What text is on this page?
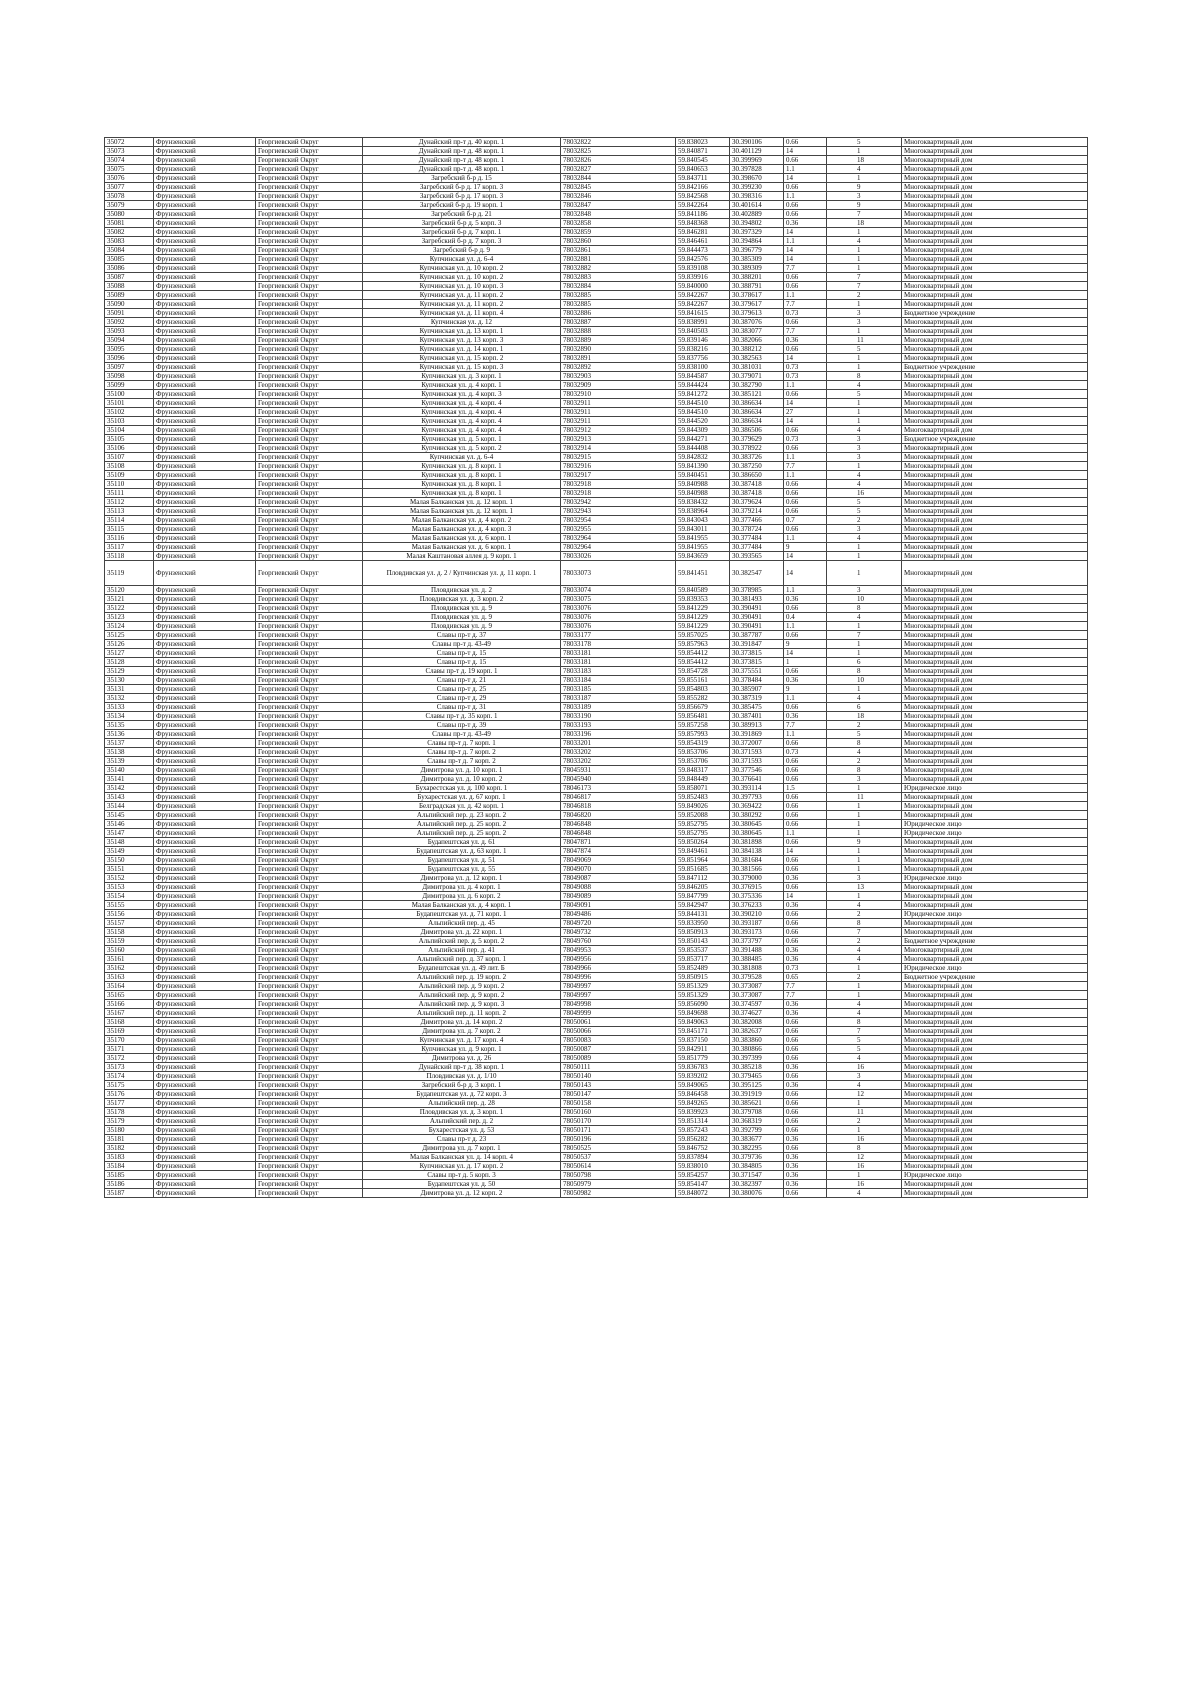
35072	Фрунзенский	Георгиевский Округ	Дунайский пр-т д. 40 корп. 1	78032822	59.838023	30.390106	0.66	5	Многоквартирный дом
35073	Фрунзенский	Георгиевский Округ	Дунайский пр-т д. 48 корп. 1	78032825	59.840871	30.401129	14	1	Многоквартирный дом
35074	Фрунзенский	Георгиевский Округ	Дунайский пр-т д. 48 корп. 1	78032826	59.840545	30.399969	0.66	18	Многоквартирный дом
35075	Фрунзенский	Георгиевский Округ	Дунайский пр-т д. 48 корп. 1	78032827	59.840653	30.397828	1.1	4	Многоквартирный дом
35076	Фрунзенский	Георгиевский Округ	Загребский б-р д. 15	78032844	59.843711	30.398670	14	1	Многоквартирный дом
35077	Фрунзенский	Георгиевский Округ	Загребский б-р д. 17 корп. 3	78032845	59.842166	30.399230	0.66	9	Многоквартирный дом
35078	Фрунзенский	Георгиевский Округ	Загребский б-р д. 17 корп. 3	78032846	59.842568	30.398316	1.1	3	Многоквартирный дом
35079	Фрунзенский	Георгиевский Округ	Загребский б-р д. 19 корп. 1	78032847	59.842264	30.401614	0.66	9	Многоквартирный дом
35080	Фрунзенский	Георгиевский Округ	Загребский б-р д. 21	78032848	59.841186	30.402889	0.66	7	Многоквартирный дом
35081	Фрунзенский	Георгиевский Округ	Загребский б-р д. 5 корп. 3	78032858	59.848368	30.394802	0.36	18	Многоквартирный дом
35082	Фрунзенский	Георгиевский Округ	Загребский б-р д. 7 корп. 1	78032859	59.846281	30.397329	14	1	Многоквартирный дом
35083	Фрунзенский	Георгиевский Округ	Загребский б-р д. 7 корп. 3	78032860	59.846461	30.394864	1.1	4	Многоквартирный дом
35084	Фрунзенский	Георгиевский Округ	Загребский б-р д. 9	78032861	59.844473	30.396779	14	1	Многоквартирный дом
35085	Фрунзенский	Георгиевский Округ	Купчинская ул. д. 6-4	78032881	59.842576	30.385309	14	1	Многоквартирный дом
35086	Фрунзенский	Георгиевский Округ	Купчинская ул. д. 10 корп. 2	78032882	59.839108	30.389309	7.7	1	Многоквартирный дом
35087	Фрунзенский	Георгиевский Округ	Купчинская ул. д. 10 корп. 2	78032883	59.839916	30.388201	0.66	7	Многоквартирный дом
35088	Фрунзенский	Георгиевский Округ	Купчинская ул. д. 10 корп. 3	78032884	59.840000	30.388791	0.66	7	Многоквартирный дом
35089	Фрунзенский	Георгиевский Округ	Купчинская ул. д. 11 корп. 2	78032885	59.842267	30.378617	1.1	2	Многоквартирный дом
35090	Фрунзенский	Георгиевский Округ	Купчинская ул. д. 11 корп. 2	78032885	59.842267	30.379617	7.7	1	Многоквартирный дом
35091	Фрунзенский	Георгиевский Округ	Купчинская ул. д. 11 корп. 4	78032886	59.841615	30.379613	0.73	3	Бюджетное учреждение
35092	Фрунзенский	Георгиевский Округ	Купчинская ул. д. 12	78032887	59.838991	30.387076	0.66	3	Многоквартирный дом
35093	Фрунзенский	Георгиевский Округ	Купчинская ул. д. 13 корп. 1	78032888	59.840503	30.383077	7.7	1	Многоквартирный дом
35094	Фрунзенский	Георгиевский Округ	Купчинская ул. д. 13 корп. 3	78032889	59.839146	30.382066	0.36	11	Многоквартирный дом
35095	Фрунзенский	Георгиевский Округ	Купчинская ул. д. 14 корп. 1	78032890	59.838216	30.388212	0.66	5	Многоквартирный дом
35096	Фрунзенский	Георгиевский Округ	Купчинская ул. д. 15 корп. 2	78032891	59.837756	30.382563	14	1	Многоквартирный дом
35097	Фрунзенский	Георгиевский Округ	Купчинская ул. д. 15 корп. 3	78032892	59.838100	30.381031	0.73	1	Бюджетное учреждение
35098	Фрунзенский	Георгиевский Округ	Купчинская ул. д. 3 корп. 1	78032903	59.844587	30.379071	0.73	8	Многоквартирный дом
35099	Фрунзенский	Георгиевский Округ	Купчинская ул. д. 4 корп. 1	78032909	59.844424	30.382790	1.1	4	Многоквартирный дом
35100	Фрунзенский	Георгиевский Округ	Купчинская ул. д. 4 корп. 3	78032910	59.841272	30.385121	0.66	5	Многоквартирный дом
35101	Фрунзенский	Георгиевский Округ	Купчинская ул. д. 4 корп. 4	78032911	59.844510	30.386634	14	1	Многоквартирный дом
35102	Фрунзенский	Георгиевский Округ	Купчинская ул. д. 4 корп. 4	78032911	59.844510	30.386634	27	1	Многоквартирный дом
35103	Фрунзенский	Георгиевский Округ	Купчинская ул. д. 4 корп. 4	78032911	59.844520	30.386634	14	1	Многоквартирный дом
35104	Фрунзенский	Георгиевский Округ	Купчинская ул. д. 4 корп. 4	78032912	59.844309	30.386506	0.66	4	Многоквартирный дом
35105	Фрунзенский	Георгиевский Округ	Купчинская ул. д. 5 корп. 1	78032913	59.844271	30.379629	0.73	3	Бюджетное учреждение
35106	Фрунзенский	Георгиевский Округ	Купчинская ул. д. 5 корп. 2	78032914	59.844408	30.378922	0.66	3	Многоквартирный дом
35107	Фрунзенский	Георгиевский Округ	Купчинская ул. д. 6-4	78032915	59.842832	30.383726	1.1	3	Многоквартирный дом
35108	Фрунзенский	Георгиевский Округ	Купчинская ул. д. 8 корп. 1	78032916	59.841390	30.387250	7.7	1	Многоквартирный дом
35109	Фрунзенский	Георгиевский Округ	Купчинская ул. д. 8 корп. 1	78032917	59.840451	30.386650	1.1	4	Многоквартирный дом
35110	Фрунзенский	Георгиевский Округ	Купчинская ул. д. 8 корп. 1	78032918	59.840988	30.387418	0.66	4	Многоквартирный дом
35111	Фрунзенский	Георгиевский Округ	Купчинская ул. д. 8 корп. 1	78032918	59.840988	30.387418	0.66	16	Многоквартирный дом
35112	Фрунзенский	Георгиевский Округ	Малая Балканская ул. д. 12 корп. 1	78032942	59.838432	30.379624	0.66	5	Многоквартирный дом
35113	Фрунзенский	Георгиевский Округ	Малая Балканская ул. д. 12 корп. 1	78032943	59.838964	30.379214	0.66	5	Многоквартирный дом
35114	Фрунзенский	Георгиевский Округ	Малая Балканская ул. д. 4 корп. 2	78032954	59.843043	30.377466	0.7	2	Многоквартирный дом
35115	Фрунзенский	Георгиевский Округ	Малая Балканская ул. д. 4 корп. 3	78032955	59.843011	30.378724	0.66	3	Многоквартирный дом
35116	Фрунзенский	Георгиевский Округ	Малая Балканская ул. д. 6 корп. 1	78032964	59.841955	30.377484	1.1	4	Многоквартирный дом
35117	Фрунзенский	Георгиевский Округ	Малая Балканская ул. д. 6 корп. 1	78032964	59.841955	30.377484	9	1	Многоквартирный дом
35118	Фрунзенский	Георгиевский Округ	Малая Каштановая аллея д. 9 корп. 1	78033026	59.843659	30.393565	14	1	Многоквартирный дом
35119	Фрунзенский	Георгиевский Округ	Пловдивская ул. д. 2 / Купчинская ул. д. 11 корп. 1	78033073	59.841451	30.382547	14	1	Многоквартирный дом
35120	Фрунзенский	Георгиевский Округ	Пловдивская ул. д. 2	78033074	59.840589	30.378985	1.1	3	Многоквартирный дом
35121	Фрунзенский	Георгиевский Округ	Пловдивская ул. д. 3 корп. 2	78033075	59.839353	30.381493	0.36	10	Многоквартирный дом
35122	Фрунзенский	Георгиевский Округ	Пловдивская ул. д. 9	78033076	59.841229	30.390491	0.66	8	Многоквартирный дом
35123	Фрунзенский	Георгиевский Округ	Пловдивская ул. д. 9	78033076	59.841229	30.390491	0.4	4	Многоквартирный дом
35124	Фрунзенский	Георгиевский Округ	Пловдивская ул. д. 9	78033076	59.841229	30.390491	1.1	1	Многоквартирный дом
35125	Фрунзенский	Георгиевский Округ	Славы пр-т д. 37	78033177	59.857025	30.387787	0.66	7	Многоквартирный дом
35126	Фрунзенский	Георгиевский Округ	Славы пр-т д. 43-49	78033178	59.857963	30.391847	9	1	Многоквартирный дом
35127	Фрунзенский	Георгиевский Округ	Славы пр-т д. 15	78033181	59.854412	30.373815	14	1	Многоквартирный дом
35128	Фрунзенский	Георгиевский Округ	Славы пр-т д. 15	78033181	59.854412	30.373815	1	6	Многоквартирный дом
35129	Фрунзенский	Георгиевский Округ	Славы пр-т д. 19 корп. 1	78033183	59.854728	30.375551	0.66	8	Многоквартирный дом
35130	Фрунзенский	Георгиевский Округ	Славы пр-т д. 21	78033184	59.855161	30.378484	0.36	10	Многоквартирный дом
35131	Фрунзенский	Георгиевский Округ	Славы пр-т д. 25	78033185	59.854803	30.385907	9	1	Многоквартирный дом
35132	Фрунзенский	Георгиевский Округ	Славы пр-т д. 29	78033187	59.855282	30.387319	1.1	4	Многоквартирный дом
35133	Фрунзенский	Георгиевский Округ	Славы пр-т д. 31	78033189	59.856679	30.385475	0.66	6	Многоквартирный дом
35134	Фрунзенский	Георгиевский Округ	Славы пр-т д. 35 корп. 1	78033190	59.856481	30.387401	0.36	18	Многоквартирный дом
35135	Фрунзенский	Георгиевский Округ	Славы пр-т д. 39	78033193	59.857258	30.389913	7.7	2	Многоквартирный дом
35136	Фрунзенский	Георгиевский Округ	Славы пр-т д. 43-49	78033196	59.857993	30.391869	1.1	5	Многоквартирный дом
35137	Фрунзенский	Георгиевский Округ	Славы пр-т д. 7 корп. 1	78033201	59.854319	30.372007	0.66	8	Многоквартирный дом
35138	Фрунзенский	Георгиевский Округ	Славы пр-т д. 7 корп. 2	78033202	59.853706	30.371593	0.73	4	Многоквартирный дом
35139	Фрунзенский	Георгиевский Округ	Славы пр-т д. 7 корп. 2	78033202	59.853706	30.371593	0.66	2	Многоквартирный дом
35140	Фрунзенский	Георгиевский Округ	Димитрова ул. д. 10 корп. 1	78045931	59.848317	30.377546	0.66	8	Многоквартирный дом
35141	Фрунзенский	Георгиевский Округ	Димитрова ул. д. 10 корп. 2	78045940	59.848449	30.376641	0.66	3	Многоквартирный дом
35142	Фрунзенский	Георгиевский Округ	Бухарестская ул. д. 100 корп. 1	78046173	59.858071	30.393114	1.5	1	Юридическое лицо
35143	Фрунзенский	Георгиевский Округ	Бухарестская ул. д. 67 корп. 1	78046817	59.852483	30.397793	0.66	11	Многоквартирный дом
35144	Фрунзенский	Георгиевский Округ	Белградская ул. д. 42 корп. 1	78046818	59.849026	30.369422	0.66	1	Многоквартирный дом
35145	Фрунзенский	Георгиевский Округ	Альпийский пер. д. 23 корп. 2	78046820	59.852088	30.380292	0.66	1	Многоквартирный дом
35146	Фрунзенский	Георгиевский Округ	Альпийский пер. д. 25 корп. 2	78046848	59.852795	30.380645	0.66	1	Юридическое лицо
35147	Фрунзенский	Георгиевский Округ	Альпийский пер. д. 25 корп. 2	78046848	59.852795	30.380645	1.1	1	Юридическое лицо
35148	Фрунзенский	Георгиевский Округ	Будапештская ул. д. 61	78047871	59.850264	30.381898	0.66	9	Многоквартирный дом
35149	Фрунзенский	Георгиевский Округ	Будапештская ул. д. 63 корп. 1	78047874	59.849461	30.384138	14	1	Многоквартирный дом
35150	Фрунзенский	Георгиевский Округ	Будапештская ул. д. 51	78049069	59.851964	30.381684	0.66	1	Многоквартирный дом
35151	Фрунзенский	Георгиевский Округ	Будапештская ул. д. 55	78049070	59.851685	30.381566	0.66	1	Многоквартирный дом
35152	Фрунзенский	Георгиевский Округ	Димитрова ул. д. 12 корп. 1	78049087	59.847112	30.379000	0.36	3	Юридическое лицо
35153	Фрунзенский	Георгиевский Округ	Димитрова ул. д. 4 корп. 1	78049088	59.846205	30.376915	0.66	13	Многоквартирный дом
35154	Фрунзенский	Георгиевский Округ	Димитрова ул. д. 6 корп. 2	78049089	59.847799	30.375336	14	1	Многоквартирный дом
35155	Фрунзенский	Георгиевский Округ	Малая Балканская ул. д. 4 корп. 1	78049091	59.842947	30.376233	0.36	4	Многоквартирный дом
35156	Фрунзенский	Георгиевский Округ	Будапештская ул. д. 71 корп. 1	78049486	59.844131	30.390210	0.66	2	Юридическое лицо
35157	Фрунзенский	Георгиевский Округ	Альпийский пер. д. 45	78049720	59.833950	30.393187	0.66	8	Многоквартирный дом
35158	Фрунзенский	Георгиевский Округ	Димитрова ул. д. 22 корп. 1	78049732	59.850913	30.393173	0.66	7	Многоквартирный дом
35159	Фрунзенский	Георгиевский Округ	Альпийский пер. д. 5 корп. 2	78049760	59.850143	30.373797	0.66	2	Бюджетное учреждение
35160	Фрунзенский	Георгиевский Округ	Альпийский пер. д. 41	78049953	59.853537	30.391488	0.36	4	Многоквартирный дом
35161	Фрунзенский	Георгиевский Округ	Альпийский пер. д. 37 корп. 1	78049956	59.853717	30.388485	0.36	4	Многоквартирный дом
35162	Фрунзенский	Георгиевский Округ	Будапештская ул. д. 49 лит. Б	78049966	59.852489	30.381808	0.73	1	Юридическое лицо
35163	Фрунзенский	Георгиевский Округ	Альпийский пер. д. 19 корп. 2	78049996	59.850915	30.379528	0.65	2	Бюджетное учреждение
35164	Фрунзенский	Георгиевский Округ	Альпийский пер. д. 9 корп. 2	78049997	59.851329	30.373087	7.7	1	Многоквартирный дом
35165	Фрунзенский	Георгиевский Округ	Альпийский пер. д. 9 корп. 2	78049997	59.851329	30.373087	7.7	1	Многоквартирный дом
35166	Фрунзенский	Георгиевский Округ	Альпийский пер. д. 9 корп. 3	78049998	59.856090	30.374597	0.36	4	Многоквартирный дом
35167	Фрунзенский	Георгиевский Округ	Альпийский пер. д. 11 корп. 2	78049999	59.849698	30.374627	0.36	4	Многоквартирный дом
35168	Фрунзенский	Георгиевский Округ	Димитрова ул. д. 14 корп. 2	78050061	59.849063	30.382008	0.66	8	Многоквартирный дом
35169	Фрунзенский	Георгиевский Округ	Димитрова ул. д. 7 корп. 2	78050066	59.845171	30.382637	0.66	7	Многоквартирный дом
35170	Фрунзенский	Георгиевский Округ	Купчинская ул. д. 17 корп. 4	78050083	59.837150	30.383860	0.66	5	Многоквартирный дом
35171	Фрунзенский	Георгиевский Округ	Купчинская ул. д. 9 корп. 1	78050087	59.842911	30.380866	0.66	5	Многоквартирный дом
35172	Фрунзенский	Георгиевский Округ	Димитрова ул. д. 26	78050089	59.851779	30.397399	0.66	4	Многоквартирный дом
35173	Фрунзенский	Георгиевский Округ	Дунайский пр-т д. 38 корп. 1	78050111	59.836783	30.385218	0.36	16	Многоквартирный дом
35174	Фрунзенский	Георгиевский Округ	Пловдивская ул. д. 1/10	78050140	59.839202	30.379465	0.66	3	Многоквартирный дом
35175	Фрунзенский	Георгиевский Округ	Загребский б-р д. 3 корп. 1	78050143	59.849065	30.395125	0.36	4	Многоквартирный дом
35176	Фрунзенский	Георгиевский Округ	Будапештская ул. д. 72 корп. 3	78050147	59.846458	30.391919	0.66	12	Многоквартирный дом
35177	Фрунзенский	Георгиевский Округ	Альпийский пер. д. 28	78050158	59.849265	30.385621	0.66	1	Многоквартирный дом
35178	Фрунзенский	Георгиевский Округ	Пловдивская ул. д. 3 корп. 1	78050160	59.839923	30.379708	0.66	11	Многоквартирный дом
35179	Фрунзенский	Георгиевский Округ	Альпийский пер. д. 2	78050170	59.851314	30.368319	0.66	2	Многоквартирный дом
35180	Фрунзенский	Георгиевский Округ	Бухарестская ул. д. 53	78050171	59.857243	30.392799	0.66	1	Многоквартирный дом
35181	Фрунзенский	Георгиевский Округ	Славы пр-т д. 23	78050196	59.856282	30.383677	0.36	16	Многоквартирный дом
35182	Фрунзенский	Георгиевский Округ	Димитрова ул. д. 7 корп. 1	78050525	59.846752	30.382295	0.66	8	Многоквартирный дом
35183	Фрунзенский	Георгиевский Округ	Малая Балканская ул. д. 14 корп. 4	78050537	59.837894	30.379736	0.36	12	Многоквартирный дом
35184	Фрунзенский	Георгиевский Округ	Купчинская ул. д. 17 корп. 2	78050614	59.838010	30.384805	0.36	16	Многоквартирный дом
35185	Фрунзенский	Георгиевский Округ	Славы пр-т д. 5 корп. 3	78050798	59.854257	30.371547	0.36	1	Юридическое лицо
35186	Фрунзенский	Георгиевский Округ	Будапештская ул. д. 50	78050979	59.854147	30.382397	0.36	16	Многоквартирный дом
35187	Фрунзенский	Георгиевский Округ	Димитрова ул. д. 12 корп. 2	78050982	59.848072	30.380076	0.66	4	Многоквартирный дом
